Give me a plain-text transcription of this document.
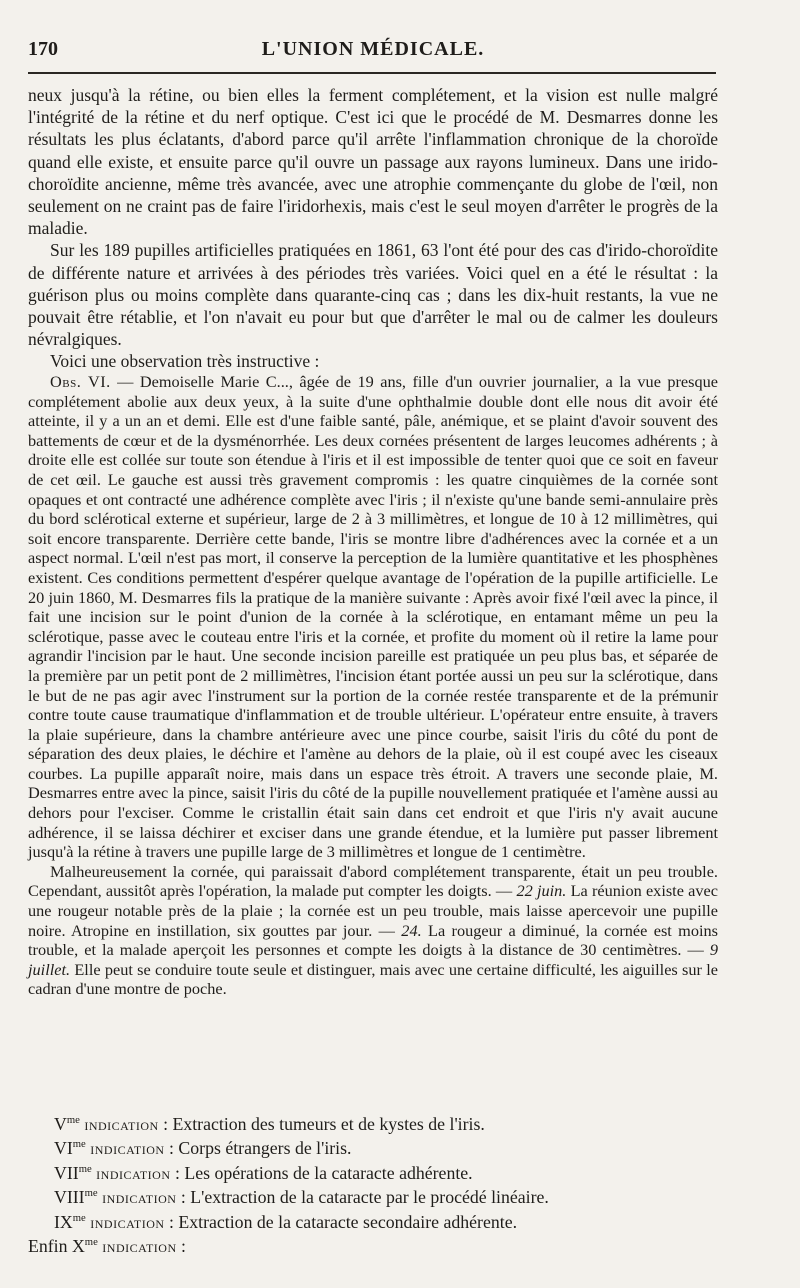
170	L'UNION MÉDICALE.

neux jusqu'à la rétine, ou bien elles la ferment complétement, et la vision est nulle malgré l'intégrité de la rétine et du nerf optique. C'est ici que le procédé de M. Desmarres donne les résultats les plus éclatants, d'abord parce qu'il arrête l'inflammation chronique de la choroïde quand elle existe, et ensuite parce qu'il ouvre un passage aux rayons lumineux. Dans une irido-choroïdite ancienne, même très avancée, avec une atrophie commençante du globe de l'œil, non seulement on ne craint pas de faire l'iridorhexis, mais c'est le seul moyen d'arrêter le progrès de la maladie.

Sur les 189 pupilles artificielles pratiquées en 1861, 63 l'ont été pour des cas d'irido-choroïdite de différente nature et arrivées à des périodes très variées. Voici quel en a été le résultat : la guérison plus ou moins complète dans quarante-cinq cas ; dans les dix-huit restants, la vue ne pouvait être rétablie, et l'on n'avait eu pour but que d'arrêter le mal ou de calmer les douleurs névralgiques.

Voici une observation très instructive :

Obs. VI. — Demoiselle Marie C..., âgée de 19 ans, fille d'un ouvrier journalier, a la vue presque complétement abolie aux deux yeux, à la suite d'une ophthalmie double dont elle nous dit avoir été atteinte, il y a un an et demi. Elle est d'une faible santé, pâle, anémique, et se plaint d'avoir souvent des battements de cœur et de la dysménorrhée. Les deux cornées présentent de larges leucomes adhérents ; à droite elle est collée sur toute son étendue à l'iris et il est impossible de tenter quoi que ce soit en faveur de cet œil. Le gauche est aussi très gravement compromis : les quatre cinquièmes de la cornée sont opaques et ont contracté une adhérence complète avec l'iris ; il n'existe qu'une bande semi-annulaire près du bord sclérotical externe et supérieur, large de 2 à 3 millimètres, et longue de 10 à 12 millimètres, qui soit encore transparente. Derrière cette bande, l'iris se montre libre d'adhérences avec la cornée et a un aspect normal. L'œil n'est pas mort, il conserve la perception de la lumière quantitative et les phosphènes existent. Ces conditions permettent d'espérer quelque avantage de l'opération de la pupille artificielle. Le 20 juin 1860, M. Desmarres fils la pratique de la manière suivante : Après avoir fixé l'œil avec la pince, il fait une incision sur le point d'union de la cornée à la sclérotique, en entamant même un peu la sclérotique, passe avec le couteau entre l'iris et la cornée, et profite du moment où il retire la lame pour agrandir l'incision par le haut. Une seconde incision pareille est pratiquée un peu plus bas, et séparée de la première par un petit pont de 2 millimètres, l'incision étant portée aussi un peu sur la sclérotique, dans le but de ne pas agir avec l'instrument sur la portion de la cornée restée transparente et de la prémunir contre toute cause traumatique d'inflammation et de trouble ultérieur. L'opérateur entre ensuite, à travers la plaie supérieure, dans la chambre antérieure avec une pince courbe, saisit l'iris du côté du pont de séparation des deux plaies, le déchire et l'amène au dehors de la plaie, où il est coupé avec les ciseaux courbes. La pupille apparaît noire, mais dans un espace très étroit. A travers une seconde plaie, M. Desmarres entre avec la pince, saisit l'iris du côté de la pupille nouvellement pratiquée et l'amène aussi au dehors pour l'exciser. Comme le cristallin était sain dans cet endroit et que l'iris n'y avait aucune adhérence, il se laissa déchirer et exciser dans une grande étendue, et la lumière put passer librement jusqu'à la rétine à travers une pupille large de 3 millimètres et longue de 1 centimètre.

Malheureusement la cornée, qui paraissait d'abord complétement transparente, était un peu trouble. Cependant, aussitôt après l'opération, la malade put compter les doigts. — 22 juin. La réunion existe avec une rougeur notable près de la plaie ; la cornée est un peu trouble, mais laisse apercevoir une pupille noire. Atropine en instillation, six gouttes par jour. — 24. La rougeur a diminué, la cornée est moins trouble, et la malade aperçoit les personnes et compte les doigts à la distance de 30 centimètres. — 9 juillet. Elle peut se conduire toute seule et distinguer, mais avec une certaine difficulté, les aiguilles sur le cadran d'une montre de poche.

$V^{me}$ indication : Extraction des tumeurs et de kystes de l'iris.

$VI^{me}$ indication : Corps étrangers de l'iris.

$VII^{me}$ indication : Les opérations de la cataracte adhérente.

$VIII^{me}$ indication : L'extraction de la cataracte par le procédé linéaire.

$IX^{me}$ indication : Extraction de la cataracte secondaire adhérente.

Enfin $X^{me}$ indication :
